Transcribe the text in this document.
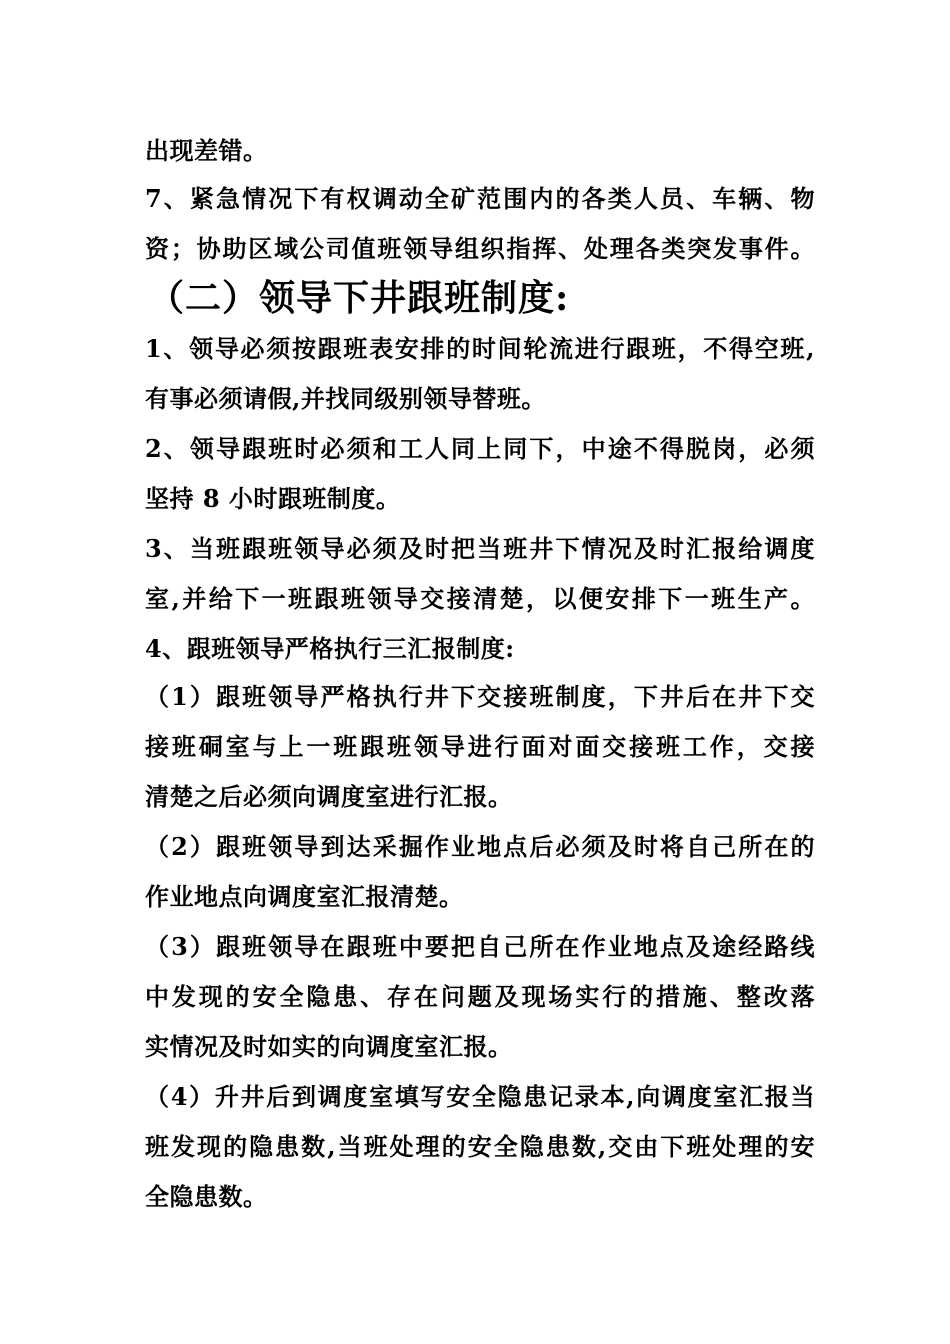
出现差错。
7、紧急情况下有权调动全矿范围内的各类人员、车辆、物
资；协助区域公司值班领导组织指挥、处理各类突发事件。
（二）领导下井跟班制度:
1、领导必须按跟班表安排的时间轮流进行跟班，不得空班,
有事必须请假,并找同级别领导替班。
2、领导跟班时必须和工人同上同下，中途不得脱岗，必须
坚持 8 小时跟班制度。
3、当班跟班领导必须及时把当班井下情况及时汇报给调度
室,并给下一班跟班领导交接清楚，以便安排下一班生产。
4、跟班领导严格执行三汇报制度:
（1）跟班领导严格执行井下交接班制度，下井后在井下交
接班硐室与上一班跟班领导进行面对面交接班工作，交接
清楚之后必须向调度室进行汇报。
（2）跟班领导到达采掘作业地点后必须及时将自己所在的
作业地点向调度室汇报清楚。
（3）跟班领导在跟班中要把自己所在作业地点及途经路线
中发现的安全隐患、存在问题及现场实行的措施、整改落
实情况及时如实的向调度室汇报。
（4）升井后到调度室填写安全隐患记录本,向调度室汇报当
班发现的隐患数,当班处理的安全隐患数,交由下班处理的安
全隐患数。
